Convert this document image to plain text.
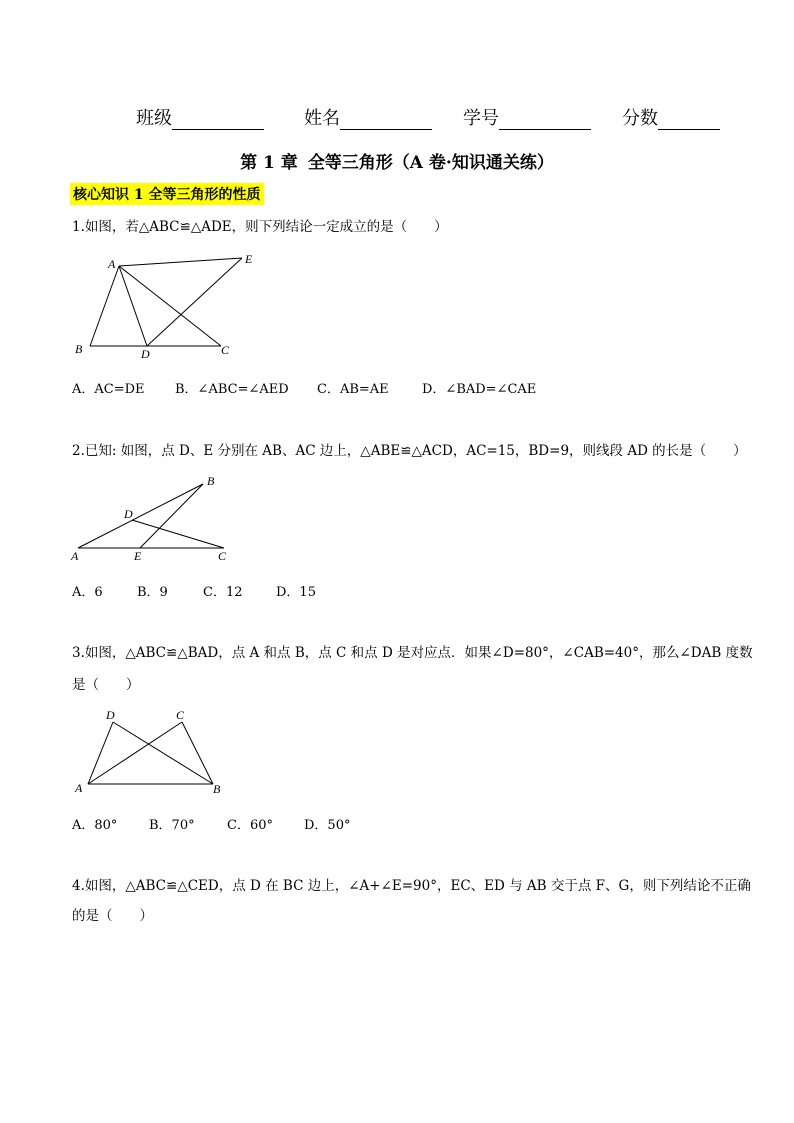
班级	姓名	学号	分数
第 1 章 全等三角形（A 卷·知识通关练）
核心知识 1 全等三角形的性质
1.如图，若△ABC≌△ADE，则下列结论一定成立的是（　　）
A	E
B	D	C
A．AC=DE B．∠ABC=∠AED C．AB=AE	D．∠BAD=∠CAE
2.已知: 如图，点 D、E 分别在 AB、AC 边上，△ABE≌△ACD，AC=15，BD=9，则线段 AD 的长是（　　）
B
D
A	E	C
A．6	B．9	C．12	D．15
3.如图，△ABC≌△BAD，点 A 和点 B，点 C 和点 D 是对应点．如果∠D=80°，∠CAB=40°，那么∠DAB 度数
是（　　）
D	C
A	B
A．80° B．70° C．60° D．50°
4.如图，△ABC≌△CED，点 D 在 BC 边上，∠A+∠E=90°，EC、ED 与 AB 交于点 F、G，则下列结论不正确
的是（　　）
